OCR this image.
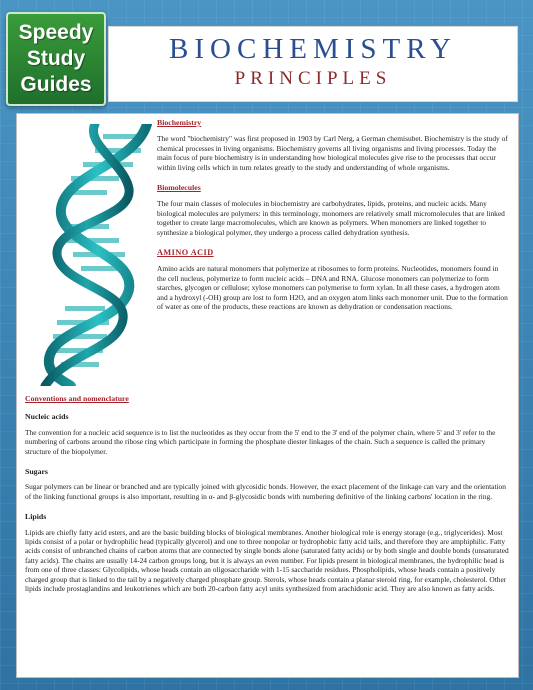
Speedy
Study
Guides
BIOCHEMISTRY
PRINCIPLES
Biochemistry

The word "biochemistry" was first proposed in 1903 by Carl Nerg, a German chemisubet. Biochemistry is the study of chemical processes in living organisms. Biochemistry governs all living organisms and living processes. Today the main focus of pure biochemistry is in understanding how biological molecules give rise to the processes that occur within living cells which in turn relates greatly to the study and understanding of whole organisms.

Biomolecules

The four main classes of molecules in biochemistry are carbohydrates, lipids, proteins, and nucleic acids. Many biological molecules are polymers: in this terminology, monomers are relatively small micromolecules that are linked together to create large macromolecules, which are known as polymers. When monomers are linked together to synthesize a biological polymer, they undergo a process called dehydration synthesis.

AMINO ACID

Amino acids are natural monomers that polymerize at ribosomes to form proteins. Nucleotides, monomers found in the cell nucleus, polymerize to form nucleic acids – DNA and RNA. Glucose monomers can polymerize to form starches, glycogen or cellulose; xylose monomers can polymerise to form xylan. In all these cases, a hydrogen atom and a hydroxyl (-OH) group are lost to form H2O, and an oxygen atom links each monomer unit. Due to the formation of water as one of the products, these reactions are known as dehydration or condensation reactions.

Conventions and nomenclature
Nucleic acids

The convention for a nucleic acid sequence is to list the nucleotides as they occur from the 5' end to the 3' end of the polymer chain, where 5' and 3' refer to the numbering of carbons around the ribose ring which participate in forming the phosphate diester linkages of the chain. Such a sequence is called the primary structure of the biopolymer.

Sugars

Sugar polymers can be linear or branched and are typically joined with glycosidic bonds. However, the exact placement of the linkage can vary and the orientation of the linking functional groups is also important, resulting in α- and β-glycosidic bonds with numbering definitive of the linking carbons' location in the ring.

Lipids

Lipids are chiefly fatty acid esters, and are the basic building blocks of biological membranes. Another biological role is energy storage (e.g., triglycerides). Most lipids consist of a polar or hydrophilic head (typically glycerol) and one to three nonpolar or hydrophobic fatty acid tails, and therefore they are amphiphilic. Fatty acids consist of unbranched chains of carbon atoms that are connected by single bonds alone (saturated fatty acids) or by both single and double bonds (unsaturated fatty acids). The chains are usually 14-24 carbon groups long, but it is always an even number. For lipids present in biological membranes, the hydrophilic head is from one of three classes: Glycolipids, whose heads contain an oligosaccharide with 1-15 saccharide residues. Phospholipids, whose heads contain a positively charged group that is linked to the tail by a negatively charged phosphate group. Sterols, whose heads contain a planar steroid ring, for example, cholesterol. Other lipids include prostaglandins and leukotrienes which are both 20-carbon fatty acyl units synthesized from arachidonic acid. They are also known as fatty acids.
